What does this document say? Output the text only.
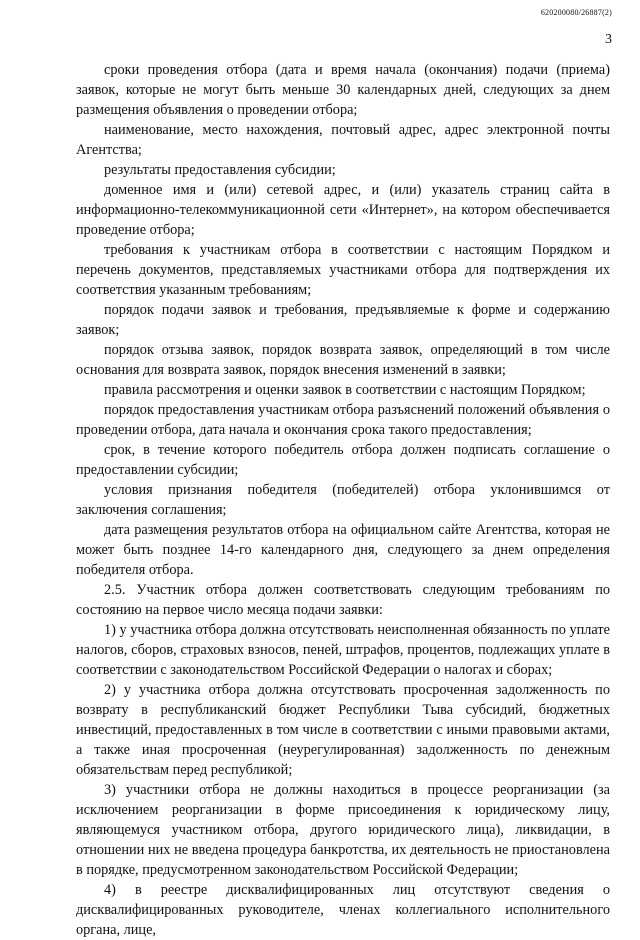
620200080/26887(2)
3

сроки проведения отбора (дата и время начала (окончания) подачи (приема) заявок, которые не могут быть меньше 30 календарных дней, следующих за днем размещения объявления о проведении отбора;

наименование, место нахождения, почтовый адрес, адрес электронной почты Агентства;

результаты предоставления субсидии;

доменное имя и (или) сетевой адрес, и (или) указатель страниц сайта в информационно-телекоммуникационной сети «Интернет», на котором обеспечивается проведение отбора;

требования к участникам отбора в соответствии с настоящим Порядком и перечень документов, представляемых участниками отбора для подтверждения их соответствия указанным требованиям;

порядок подачи заявок и требования, предъявляемые к форме и содержанию заявок;

порядок отзыва заявок, порядок возврата заявок, определяющий в том числе основания для возврата заявок, порядок внесения изменений в заявки;

правила рассмотрения и оценки заявок в соответствии с настоящим Порядком;

порядок предоставления участникам отбора разъяснений положений объявления о проведении отбора, дата начала и окончания срока такого предоставления;

срок, в течение которого победитель отбора должен подписать соглашение о предоставлении субсидии;

условия признания победителя (победителей) отбора уклонившимся от заключения соглашения;

дата размещения результатов отбора на официальном сайте Агентства, которая не может быть позднее 14-го календарного дня, следующего за днем определения победителя отбора.

2.5. Участник отбора должен соответствовать следующим требованиям по состоянию на первое число месяца подачи заявки:

1) у участника отбора должна отсутствовать неисполненная обязанность по уплате налогов, сборов, страховых взносов, пеней, штрафов, процентов, подлежащих уплате в соответствии с законодательством Российской Федерации о налогах и сборах;

2) у участника отбора должна отсутствовать просроченная задолженность по возврату в республиканский бюджет Республики Тыва субсидий, бюджетных инвестиций, предоставленных в том числе в соответствии с иными правовыми актами, а также иная просроченная (неурегулированная) задолженность по денежным обязательствам перед республикой;

3) участники отбора не должны находиться в процессе реорганизации (за исключением реорганизации в форме присоединения к юридическому лицу, являющемуся участником отбора, другого юридического лица), ликвидации, в отношении них не введена процедура банкротства, их деятельность не приостановлена в порядке, предусмотренном законодательством Российской Федерации;

4) в реестре дисквалифицированных лиц отсутствуют сведения о дисквалифицированных руководителе, членах коллегиального исполнительного органа, лице,
